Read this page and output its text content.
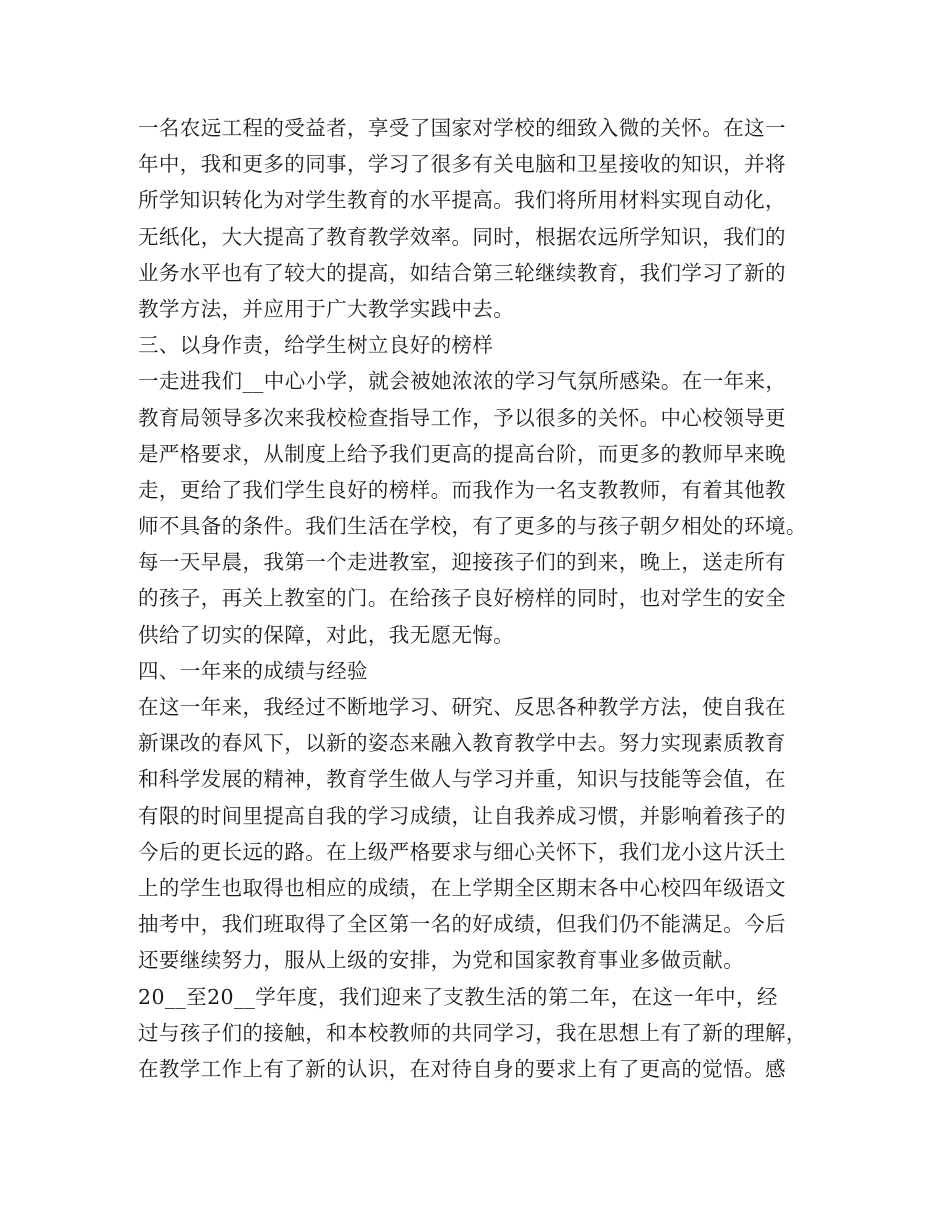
一名农远工程的受益者，享受了国家对学校的细致入微的关怀。在这一
年中，我和更多的同事，学习了很多有关电脑和卫星接收的知识，并将
所学知识转化为对学生教育的水平提高。我们将所用材料实现自动化，
无纸化，大大提高了教育教学效率。同时，根据农远所学知识，我们的
业务水平也有了较大的提高，如结合第三轮继续教育，我们学习了新的
教学方法，并应用于广大教学实践中去。
三、以身作责，给学生树立良好的榜样
一走进我们__中心小学，就会被她浓浓的学习气氛所感染。在一年来，
教育局领导多次来我校检查指导工作，予以很多的关怀。中心校领导更
是严格要求，从制度上给予我们更高的提高台阶，而更多的教师早来晚
走，更给了我们学生良好的榜样。而我作为一名支教教师，有着其他教
师不具备的条件。我们生活在学校，有了更多的与孩子朝夕相处的环境。
每一天早晨，我第一个走进教室，迎接孩子们的到来，晚上，送走所有
的孩子，再关上教室的门。在给孩子良好榜样的同时，也对学生的安全
供给了切实的保障，对此，我无愿无悔。
四、一年来的成绩与经验
在这一年来，我经过不断地学习、研究、反思各种教学方法，使自我在
新课改的春风下，以新的姿态来融入教育教学中去。努力实现素质教育
和科学发展的精神，教育学生做人与学习并重，知识与技能等会值，在
有限的时间里提高自我的学习成绩，让自我养成习惯，并影响着孩子的
今后的更长远的路。在上级严格要求与细心关怀下，我们龙小这片沃土
上的学生也取得也相应的成绩，在上学期全区期末各中心校四年级语文
抽考中，我们班取得了全区第一名的好成绩，但我们仍不能满足。今后
还要继续努力，服从上级的安排，为党和国家教育事业多做贡献。
20__至20__学年度，我们迎来了支教生活的第二年，在这一年中，经
过与孩子们的接触，和本校教师的共同学习，我在思想上有了新的理解，
在教学工作上有了新的认识，在对待自身的要求上有了更高的觉悟。感
